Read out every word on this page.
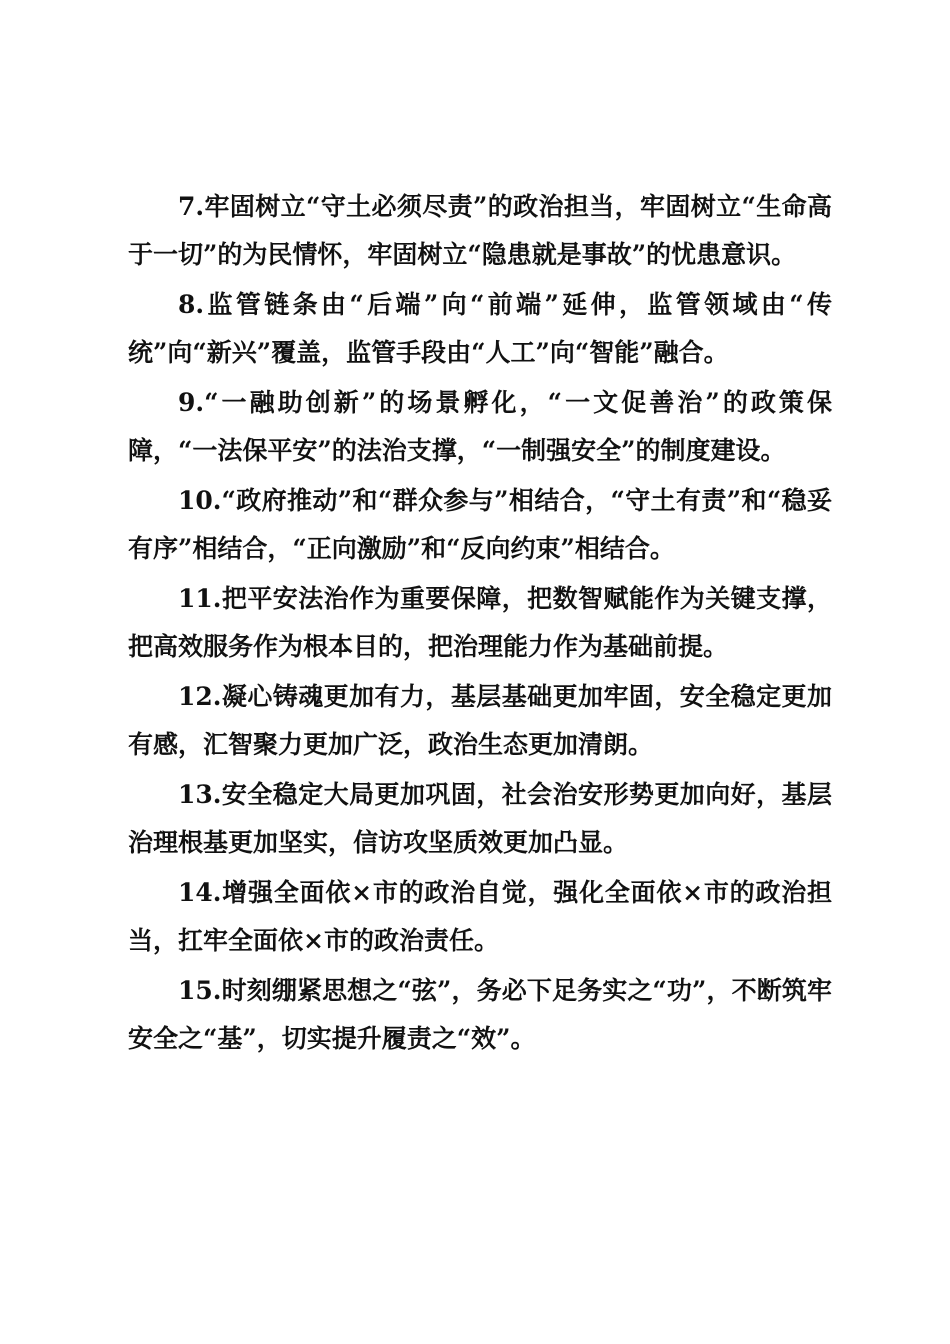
7.牢固树立“守土必须尽责”的政治担当，牢固树立“生命高于一切”的为民情怀，牢固树立“隐患就是事故”的忧患意识。

8.监管链条由“后端”向“前端”延伸，监管领域由“传统”向“新兴”覆盖，监管手段由“人工”向“智能”融合。

9.“一融助创新”的场景孵化，“一文促善治”的政策保障，“一法保平安”的法治支撑，“一制强安全”的制度建设。

10.“政府推动”和“群众参与”相结合，“守土有责”和“稳妥有序”相结合，“正向激励”和“反向约束”相结合。

11.把平安法治作为重要保障，把数智赋能作为关键支撑，把高效服务作为根本目的，把治理能力作为基础前提。

12.凝心铸魂更加有力，基层基础更加牢固，安全稳定更加有感，汇智聚力更加广泛，政治生态更加清朗。

13.安全稳定大局更加巩固，社会治安形势更加向好，基层治理根基更加坚实，信访攻坚质效更加凸显。

14.增强全面依×市的政治自觉，强化全面依×市的政治担当，扛牢全面依×市的政治责任。

15.时刻绷紧思想之“弦”，务必下足务实之“功”，不断筑牢安全之“基”，切实提升履责之“效”。
